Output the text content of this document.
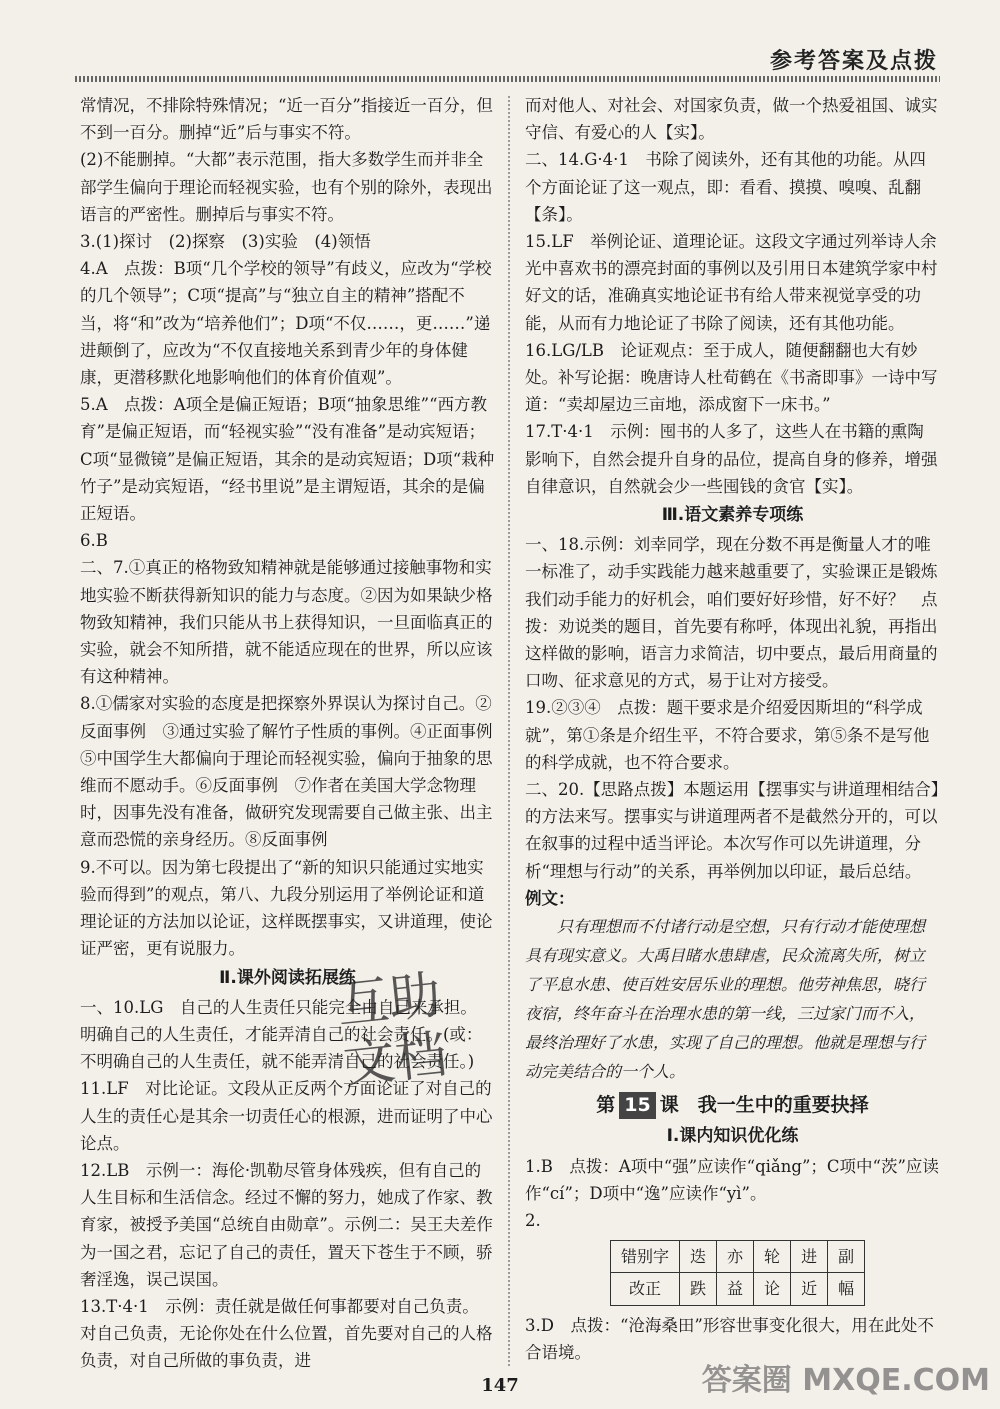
参考答案及点拨

常情况，不排除特殊情况；“近一百分”指接近一百分，但不到一百分。删掉“近”后与事实不符。

(2)不能删掉。“大都”表示范围，指大多数学生而并非全部学生偏向于理论而轻视实验，也有个别的除外，表现出语言的严密性。删掉后与事实不符。

3.(1)探讨　(2)探察　(3)实验　(4)领悟

4.A　点拨：B项“几个学校的领导”有歧义，应改为“学校的几个领导”；C项“提高”与“独立自主的精神”搭配不当，将“和”改为“培养他们”；D项“不仅……，更……”递进颠倒了，应改为“不仅直接地关系到青少年的身体健康，更潜移默化地影响他们的体育价值观”。

5.A　点拨：A项全是偏正短语；B项“抽象思维”“西方教育”是偏正短语，而“轻视实验”“没有准备”是动宾短语；C项“显微镜”是偏正短语，其余的是动宾短语；D项“栽种竹子”是动宾短语，“经书里说”是主谓短语，其余的是偏正短语。

6.B

二、7.①真正的格物致知精神就是能够通过接触事物和实地实验不断获得新知识的能力与态度。②因为如果缺少格物致知精神，我们只能从书上获得知识，一旦面临真正的实验，就会不知所措，就不能适应现在的世界，所以应该有这种精神。

8.①儒家对实验的态度是把探察外界误认为探讨自己。②反面事例　③通过实验了解竹子性质的事例。④正面事例　⑤中国学生大都偏向于理论而轻视实验，偏向于抽象的思维而不愿动手。⑥反面事例　⑦作者在美国大学念物理时，因事先没有准备，做研究发现需要自己做主张、出主意而恐慌的亲身经历。⑧反面事例

9.不可以。因为第七段提出了“新的知识只能通过实地实验而得到”的观点，第八、九段分别运用了举例论证和道理论证的方法加以论证，这样既摆事实，又讲道理，使论证严密，更有说服力。

Ⅱ.课外阅读拓展练

一、10.LG　自己的人生责任只能完全由自己来承担。　明确自己的人生责任，才能弄清自己的社会责任。(或：不明确自己的人生责任，就不能弄清自己的社会责任。)

11.LF　对比论证。文段从正反两个方面论证了对自己的人生的责任心是其余一切责任心的根源，进而证明了中心论点。

12.LB　示例一：海伦·凯勒尽管身体残疾，但有自己的人生目标和生活信念。经过不懈的努力，她成了作家、教育家，被授予美国“总统自由勋章”。示例二：吴王夫差作为一国之君，忘记了自己的责任，置天下苍生于不顾，骄奢淫逸，误己误国。

13.T·4·1　示例：责任就是做任何事都要对自己负责。对自己负责，无论你处在什么位置，首先要对自己的人格负责，对自己所做的事负责，进

而对他人、对社会、对国家负责，做一个热爱祖国、诚实守信、有爱心的人【实】。

二、14.G·4·1　书除了阅读外，还有其他的功能。从四个方面论证了这一观点，即：看看、摸摸、嗅嗅、乱翻【条】。

15.LF　举例论证、道理论证。这段文字通过列举诗人余光中喜欢书的漂亮封面的事例以及引用日本建筑学家中村好文的话，准确真实地论证书有给人带来视觉享受的功能，从而有力地论证了书除了阅读，还有其他功能。

16.LG/LB　论证观点：至于成人，随便翻翻也大有妙处。补写论据：晚唐诗人杜荀鹤在《书斋即事》一诗中写道：“卖却屋边三亩地，添成窗下一床书。”

17.T·4·1　示例：囤书的人多了，这些人在书籍的熏陶影响下，自然会提升自身的品位，提高自身的修养，增强自律意识，自然就会少一些囤钱的贪官【实】。

Ⅲ.语文素养专项练

一、18.示例：刘幸同学，现在分数不再是衡量人才的唯一标准了，动手实践能力越来越重要了，实验课正是锻炼我们动手能力的好机会，咱们要好好珍惜，好不好？　点拨：劝说类的题目，首先要有称呼，体现出礼貌，再指出这样做的影响，语言力求简洁，切中要点，最后用商量的口吻、征求意见的方式，易于让对方接受。

19.②③④　点拨：题干要求是介绍爱因斯坦的“科学成就”，第①条是介绍生平，不符合要求，第⑤条不是写他的科学成就，也不符合要求。

二、20.【思路点拨】本题运用【摆事实与讲道理相结合】的方法来写。摆事实与讲道理两者不是截然分开的，可以在叙事的过程中适当评论。本次写作可以先讲道理，分析“理想与行动”的关系，再举例加以印证，最后总结。

例文：

只有理想而不付诸行动是空想，只有行动才能使理想具有现实意义。大禹目睹水患肆虐，民众流离失所，树立了平息水患、使百姓安居乐业的理想。他劳神焦思，晓行夜宿，终年奋斗在治理水患的第一线，三过家门而不入，最终治理好了水患，实现了自己的理想。他就是理想与行动完美结合的一个人。

第 15 课　我一生中的重要抉择
Ⅰ.课内知识优化练

1.B　点拨：A项中“强”应读作“qiǎng”；C项中“茨”应读作“cí”；D项中“逸”应读作“yì”。

2.

错别字	迭	亦	轮	进	副
改正	跌	益	论	近	幅

3.D　点拨：“沧海桑田”形容世事变化很大，用在此处不合语境。

互助文档
147	答案圈 MXQE.COM
